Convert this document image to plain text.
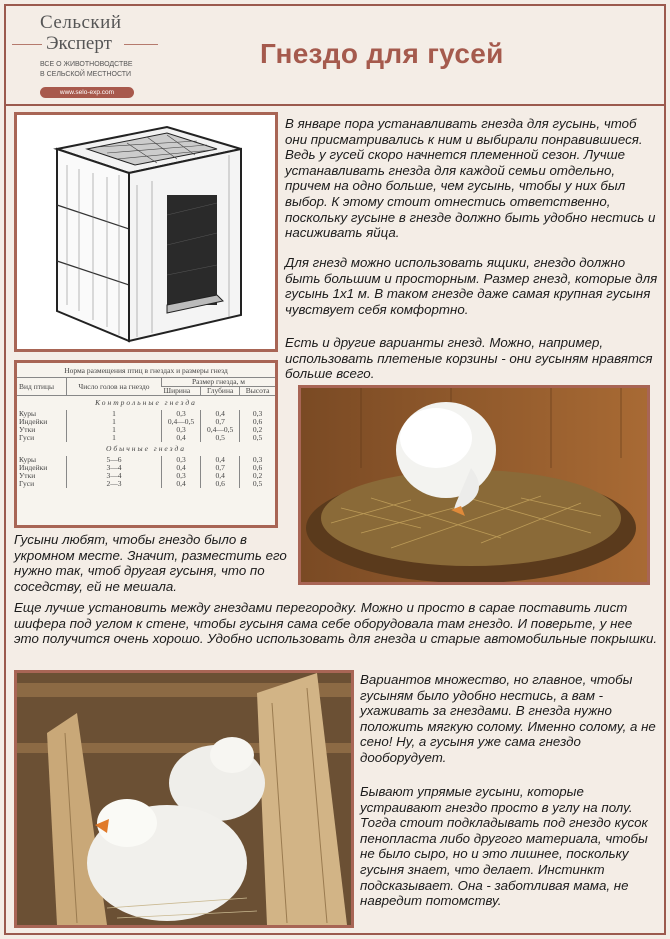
Сельский
Эксперт
ВСЕ О ЖИВОТНОВОДСТВЕ
В СЕЛЬСКОЙ МЕСТНОСТИ
www.selo-exp.com
Гнездо для гусей

В январе пора устанавливать гнезда для гусынь, чтоб они присматривались к ним и выбирали понравившиеся. Ведь у гусей скоро начнется племенной сезон. Лучше устанавливать гнезда для каждой семьи отдельно, причем на одно больше, чем гусынь, чтобы у них был выбор. К этому стоит отнестись ответственно, поскольку гусыне в гнезде должно быть удобно нестись и насиживать яйца.

Для гнезд можно использовать ящики, гнездо должно быть большим и просторным. Размер гнезд, которые для гусынь 1х1 м. В таком гнезде даже самая крупная гусыня чувствует себя комфортно.

Есть и другие варианты гнезд. Можно, например, использовать плетеные корзины - они гусыням нравятся больше всего.

Норма размещения птиц в гнездах и размеры гнезд
Вид птицы	Число голов на гнездо	Размер гнезда, м		
		Ширина	Глубина	Высота
Контрольные гнезда				
Куры	1	0,3	0,4	0,3
Индейки	1	0,4—0,5	0,7	0,6
Утки	1	0,3	0,4—0,5	0,2
Гуси	1	0,4	0,5	0,5
Обычные гнезда				
Куры	5—6	0,3	0,4	0,3
Индейки	3—4	0,4	0,7	0,6
Утки	3—4	0,3	0,4	0,2
Гуси	2—3	0,4	0,6	0,5

Гусыни любят, чтобы гнездо было в укромном месте. Значит, разместить его нужно так, чтоб другая гусыня, что по соседству, ей не мешала.

Еще лучше установить между гнездами перегородку. Можно и просто в сарае поставить лист шифера под углом к стене, чтобы гусыня сама себе оборудовала там гнездо. И поверьте, у нее это получится очень хорошо. Удобно использовать для гнезда и старые автомобильные покрышки.

Вариантов множество, но главное, чтобы гусыням было удобно нестись, а вам - ухаживать за гнездами. В гнезда нужно положить мягкую солому. Именно солому, а не сено! Ну, а гусыня уже сама гнездо дооборудует.

Бывают упрямые гусыни, которые устраивают гнездо просто в углу на полу. Тогда стоит подкладывать под гнездо кусок пенопласта либо другого материала, чтобы не было сыро, но и это лишнее, поскольку гусыня знает, что делает. Инстинкт подсказывает. Она - заботливая мама, не навредит потомству.
